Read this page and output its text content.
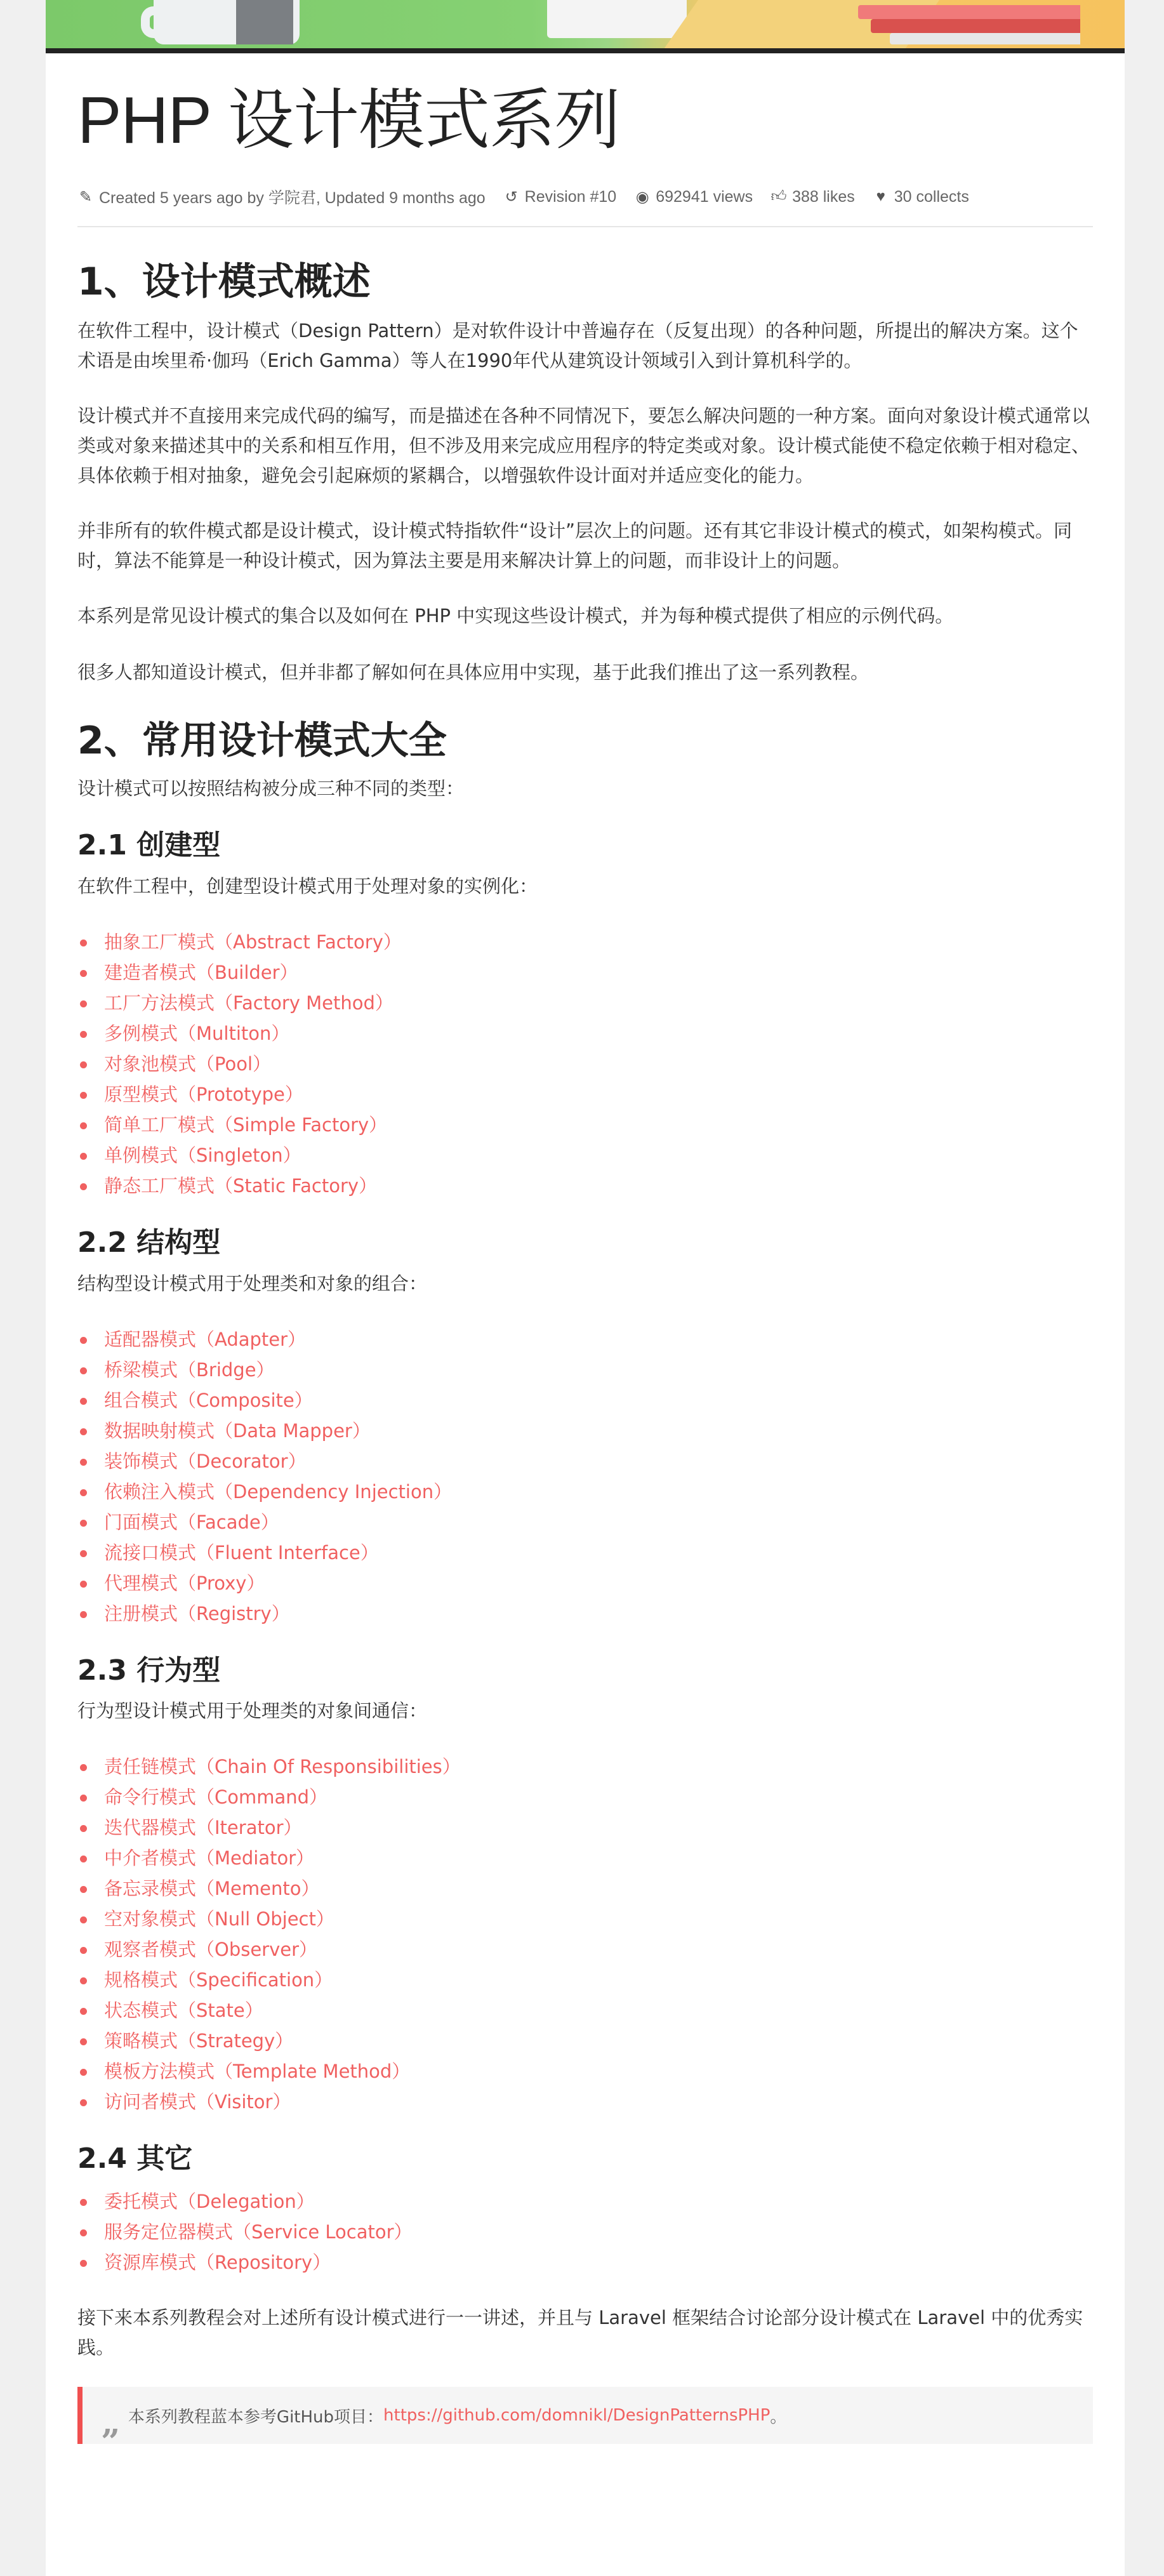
PHP 设计模式系列
✎ Created 5 years ago by 学院君, Updated 9 months ago ↺ Revision #10 ◉ 692941 views 👍︎ 388 likes ♥ 30 collects
1、设计模式概述

在软件工程中，设计模式（Design Pattern）是对软件设计中普遍存在（反复出现）的各种问题，所提出的解决方案。这个术语是由埃里希·伽玛（Erich Gamma）等人在1990年代从建筑设计领域引入到计算机科学的。

设计模式并不直接用来完成代码的编写，而是描述在各种不同情况下，要怎么解决问题的一种方案。面向对象设计模式通常以类或对象来描述其中的关系和相互作用，但不涉及用来完成应用程序的特定类或对象。设计模式能使不稳定依赖于相对稳定、具体依赖于相对抽象，避免会引起麻烦的紧耦合，以增强软件设计面对并适应变化的能力。

并非所有的软件模式都是设计模式，设计模式特指软件“设计”层次上的问题。还有其它非设计模式的模式，如架构模式。同时，算法不能算是一种设计模式，因为算法主要是用来解决计算上的问题，而非设计上的问题。

本系列是常见设计模式的集合以及如何在 PHP 中实现这些设计模式，并为每种模式提供了相应的示例代码。

很多人都知道设计模式，但并非都了解如何在具体应用中实现，基于此我们推出了这一系列教程。

2、常用设计模式大全

设计模式可以按照结构被分成三种不同的类型：

2.1 创建型

在软件工程中，创建型设计模式用于处理对象的实例化：

抽象工厂模式（Abstract Factory）
建造者模式（Builder）
工厂方法模式（Factory Method）
多例模式（Multiton）
对象池模式（Pool）
原型模式（Prototype）
简单工厂模式（Simple Factory）
单例模式（Singleton）
静态工厂模式（Static Factory）
2.2 结构型

结构型设计模式用于处理类和对象的组合：

适配器模式（Adapter）
桥梁模式（Bridge）
组合模式（Composite）
数据映射模式（Data Mapper）
装饰模式（Decorator）
依赖注入模式（Dependency Injection）
门面模式（Facade）
流接口模式（Fluent Interface）
代理模式（Proxy）
注册模式（Registry）
2.3 行为型

行为型设计模式用于处理类的对象间通信：

责任链模式（Chain Of Responsibilities）
命令行模式（Command）
迭代器模式（Iterator）
中介者模式（Mediator）
备忘录模式（Memento）
空对象模式（Null Object）
观察者模式（Observer）
规格模式（Specification）
状态模式（State）
策略模式（Strategy）
模板方法模式（Template Method）
访问者模式（Visitor）
2.4 其它
委托模式（Delegation）
服务定位器模式（Service Locator）
资源库模式（Repository）

接下来本系列教程会对上述所有设计模式进行一一讲述，并且与 Laravel 框架结合讨论部分设计模式在 Laravel 中的优秀实践。

„ 本系列教程蓝本参考GitHub项目： https://github.com/domnikl/DesignPatternsPHP 。
